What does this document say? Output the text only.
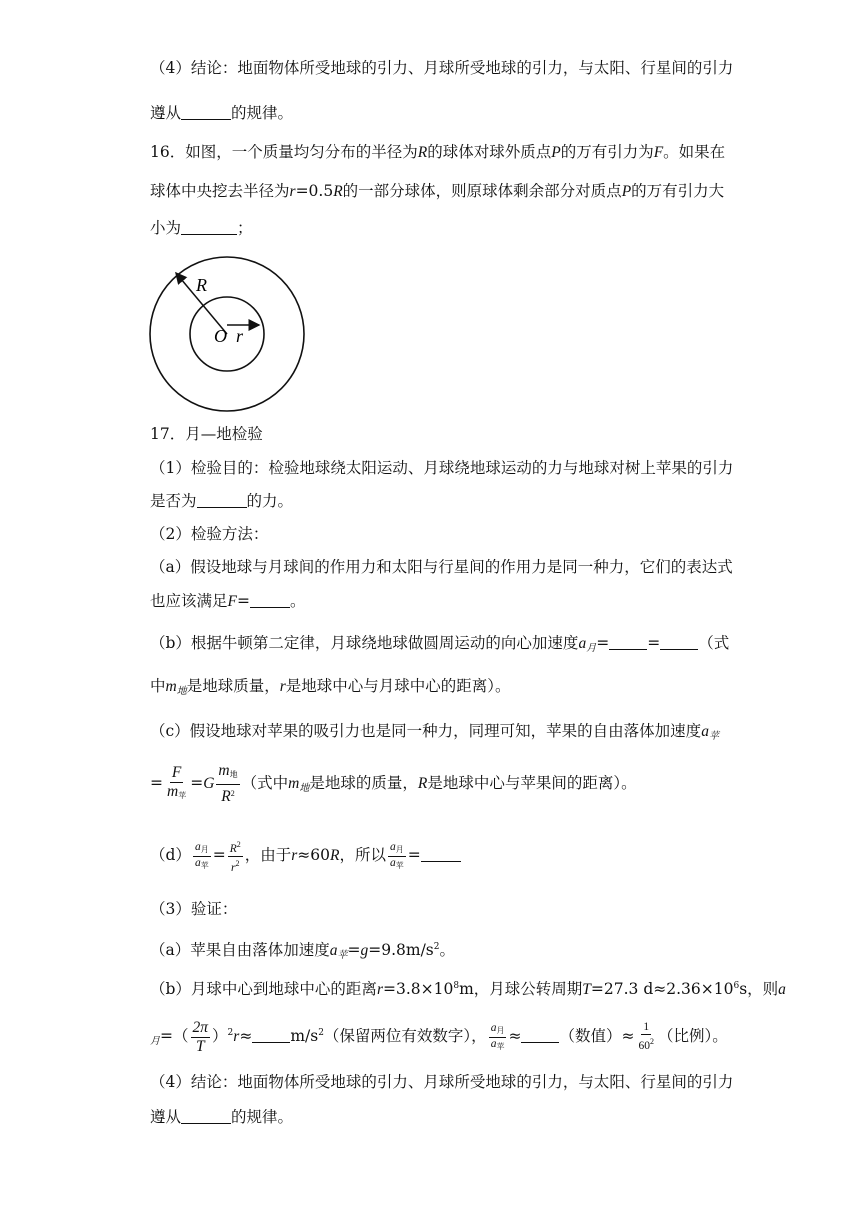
（4）结论：地面物体所受地球的引力、月球所受地球的引力，与太阳、行星间的引力
遵从	的规律。
16．如图，一个质量均匀分布的半径为R的球体对球外质点P的万有引力为F。如果在
球体中央挖去半径为r=0.5R的一部分球体，则原球体剩余部分对质点P的万有引力大
小为	；
R
O r
17．月—地检验
（1）检验目的：检验地球绕太阳运动、月球绕地球运动的力与地球对树上苹果的引力
是否为	的力。
（2）检验方法：
（a）假设地球与月球间的作用力和太阳与行星间的作用力是同一种力，它们的表达式
也应该满足F=	。
（b）根据牛顿第二定律，月球绕地球做圆周运动的向心加速度$a_月=$ = （式
中$m_地$是地球质量，r是地球中心与月球中心的距离）。
（c）假设地球对苹果的吸引力也是同一种力，同理可知，苹果的自由落体加速度$a_苹$
= $\frac{F}{\text{m苹}} =G \frac{\text{m地}}{R^2}$ （式中$m_地$是地球的质量，R是地球中心与苹果间的距离）。
$(d) \frac{\text{a月}}{\text{a苹}} = \frac{R^2}{r^2}$ ，由于r≈60R，所以 $\frac{\text{a月}}{\text{a苹}}$ =
（3）验证：
（a）苹果自由落体加速度$a_苹=g=9.8m/s^2$。
（b）月球中心到地球中心的距离$r=3.8\times 10^8m$，月球公转周期T=27.3 $d\approx 2.36\times 10^6s$，则a
$_月=( \frac{2\pi}{T} )^2r\approx m/s^2$（保留两位有效数字）， $\frac{\text{a月}}{\text{a苹}}$ ≈ （数值）≈ $\frac{1}{60^2}$ （比例）。
（4）结论：地面物体所受地球的引力、月球所受地球的引力，与太阳、行星间的引力
遵从	的规律。
